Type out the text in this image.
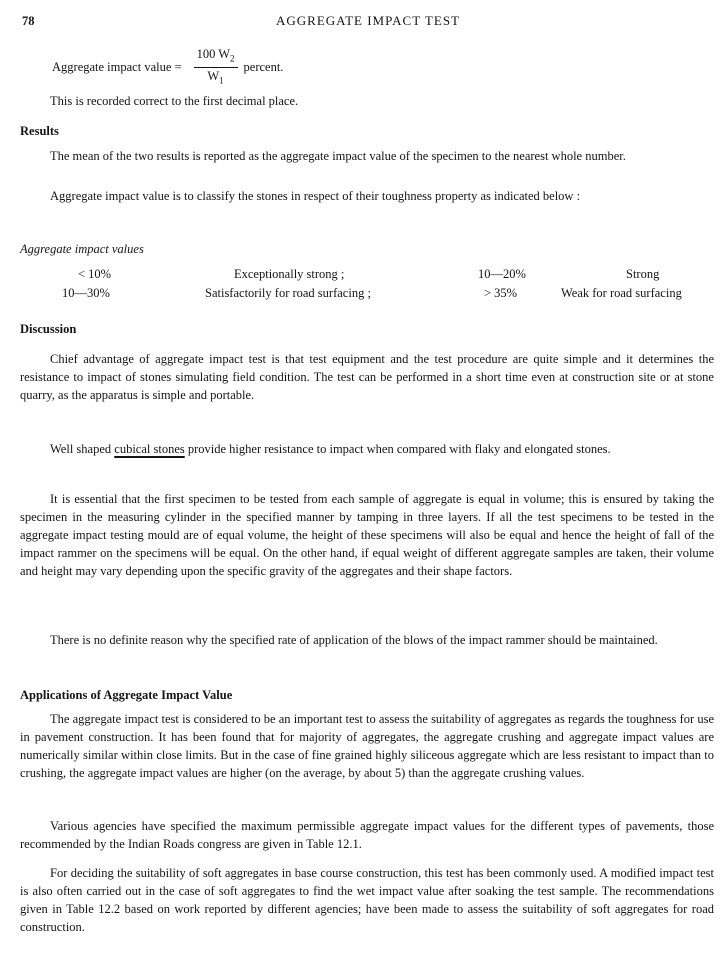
78	AGGREGATE IMPACT TEST
Aggregate impact value = $\frac{100 W_2}{W_1}$ percent.

This is recorded correct to the first decimal place.

Results

The mean of the two results is reported as the aggregate impact value of the specimen to the nearest whole number.

Aggregate impact value is to classify the stones in respect of their toughness property as indicated below :

Aggregate impact values
< 10%	Exceptionally strong ;	10—20%	Strong
10—30%	Satisfactorily for road surfacing ;	> 35%	Weak for road surfacing
Discussion

Chief advantage of aggregate impact test is that test equipment and the test procedure are quite simple and it determines the resistance to impact of stones simulating field condition. The test can be performed in a short time even at construction site or at stone quarry, as the apparatus is simple and portable.

Well shaped cubical stones provide higher resistance to impact when compared with flaky and elongated stones.

It is essential that the first specimen to be tested from each sample of aggregate is equal in volume; this is ensured by taking the specimen in the measuring cylinder in the specified manner by tamping in three layers. If all the test specimens to be tested in the aggregate impact testing mould are of equal volume, the height of these specimens will also be equal and hence the height of fall of the impact rammer on the specimens will be equal. On the other hand, if equal weight of different aggregate samples are taken, their volume and height may vary depending upon the specific gravity of the aggregates and their shape factors.

There is no definite reason why the specified rate of application of the blows of the impact rammer should be maintained.

Applications of Aggregate Impact Value

The aggregate impact test is considered to be an important test to assess the suitability of aggregates as regards the toughness for use in pavement construction. It has been found that for majority of aggregates, the aggregate crushing and aggregate impact values are numerically similar within close limits. But in the case of fine grained highly siliceous aggregate which are less resistant to impact than to crushing, the aggregate impact values are higher (on the average, by about 5) than the aggregate crushing values.

Various agencies have specified the maximum permissible aggregate impact values for the different types of pavements, those recommended by the Indian Roads congress are given in Table 12.1.

For deciding the suitability of soft aggregates in base course construction, this test has been commonly used. A modified impact test is also often carried out in the case of soft aggregates to find the wet impact value after soaking the test sample. The recommendations given in Table 12.2 based on work reported by different agencies; have been made to assess the suitability of soft aggregates for road construction.
